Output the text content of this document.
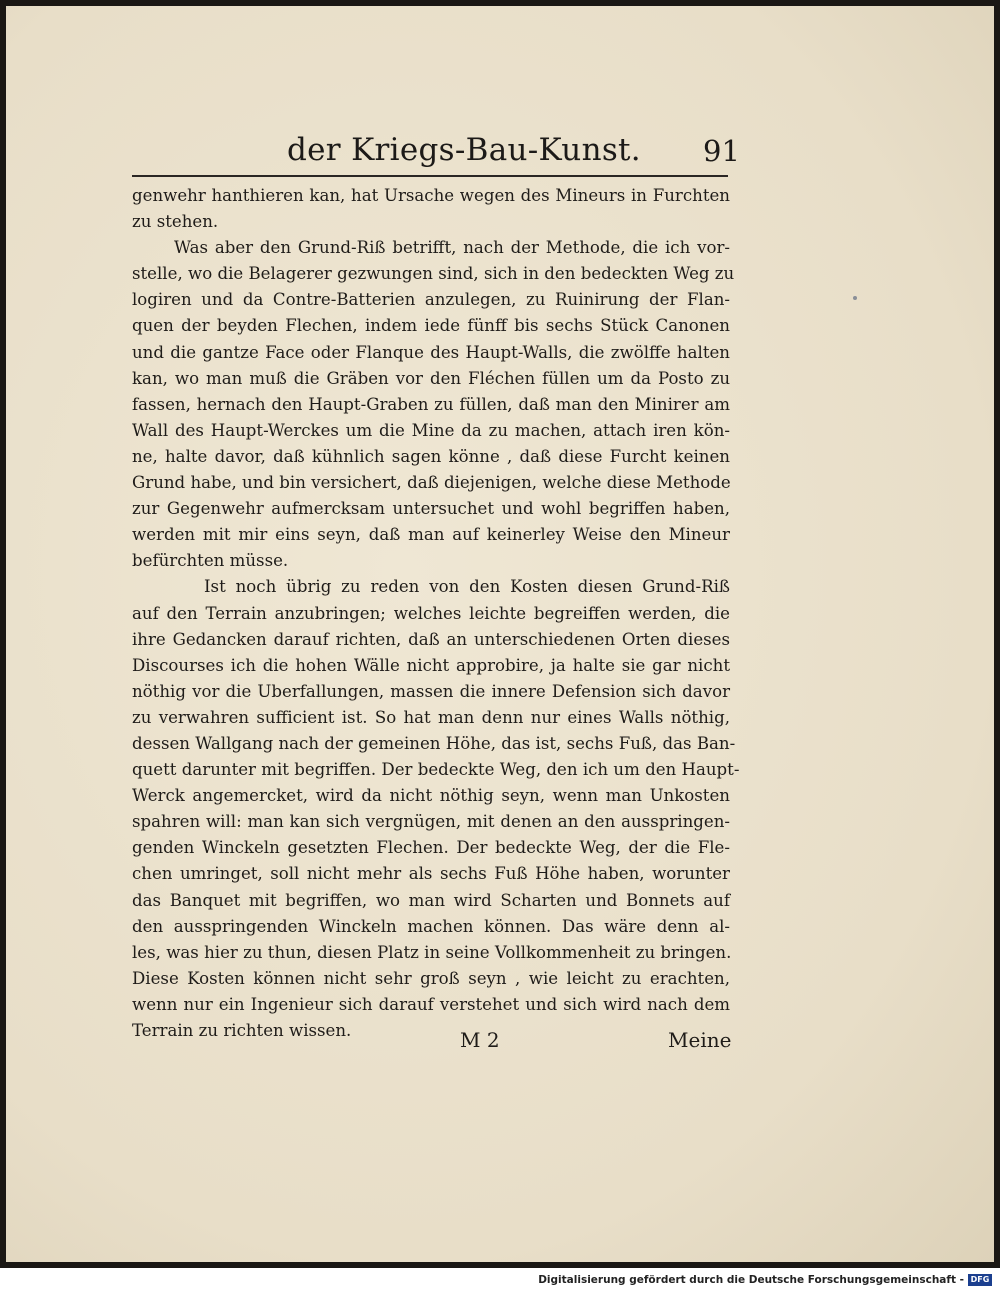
der Kriegs-Bau-Kunst. 91
genwehr hanthieren kan, hat Ursache wegen des Mineurs in Furchten
zu stehen.
Was aber den Grund-Riß betrifft, nach der Methode, die ich vor-
stelle, wo die Belagerer gezwungen sind, sich in den bedeckten Weg zu
logiren und da Contre-Batterien anzulegen, zu Ruinirung der Flan-
quen der beyden Flechen, indem iede fünff bis sechs Stück Canonen
und die gantze Face oder Flanque des Haupt-Walls, die zwölffe halten
kan, wo man muß die Gräben vor den Fléchen füllen um da Posto zu
fassen, hernach den Haupt-Graben zu füllen, daß man den Minirer am
Wall des Haupt-Werckes um die Mine da zu machen, attach iren kön-
ne, halte davor, daß kühnlich sagen könne , daß diese Furcht keinen
Grund habe, und bin versichert, daß diejenigen, welche diese Methode
zur Gegenwehr aufmercksam untersuchet und wohl begriffen haben,
werden mit mir eins seyn, daß man auf keinerley Weise den Mineur
befürchten müsse.
Ist noch übrig zu reden von den Kosten diesen Grund-Riß
auf den Terrain anzubringen; welches leichte begreiffen werden, die
ihre Gedancken darauf richten, daß an unterschiedenen Orten dieses
Discourses ich die hohen Wälle nicht approbire, ja halte sie gar nicht
nöthig vor die Uberfallungen, massen die innere Defension sich davor
zu verwahren sufficient ist. So hat man denn nur eines Walls nöthig,
dessen Wallgang nach der gemeinen Höhe, das ist, sechs Fuß, das Ban-
quett darunter mit begriffen. Der bedeckte Weg, den ich um den Haupt-
Werck angemercket, wird da nicht nöthig seyn, wenn man Unkosten
spahren will: man kan sich vergnügen, mit denen an den ausspringen-
genden Winckeln gesetzten Flechen. Der bedeckte Weg, der die Fle-
chen umringet, soll nicht mehr als sechs Fuß Höhe haben, worunter
das Banquet mit begriffen, wo man wird Scharten und Bonnets auf
den ausspringenden Winckeln machen können. Das wäre denn al-
les, was hier zu thun, diesen Platz in seine Vollkommenheit zu bringen.
Diese Kosten können nicht sehr groß seyn , wie leicht zu erachten,
wenn nur ein Ingenieur sich darauf verstehet und sich wird nach dem
Terrain zu richten wissen.	M 2	Meine
Digitalisierung gefördert durch die Deutsche Forschungsgemeinschaft - DFG
